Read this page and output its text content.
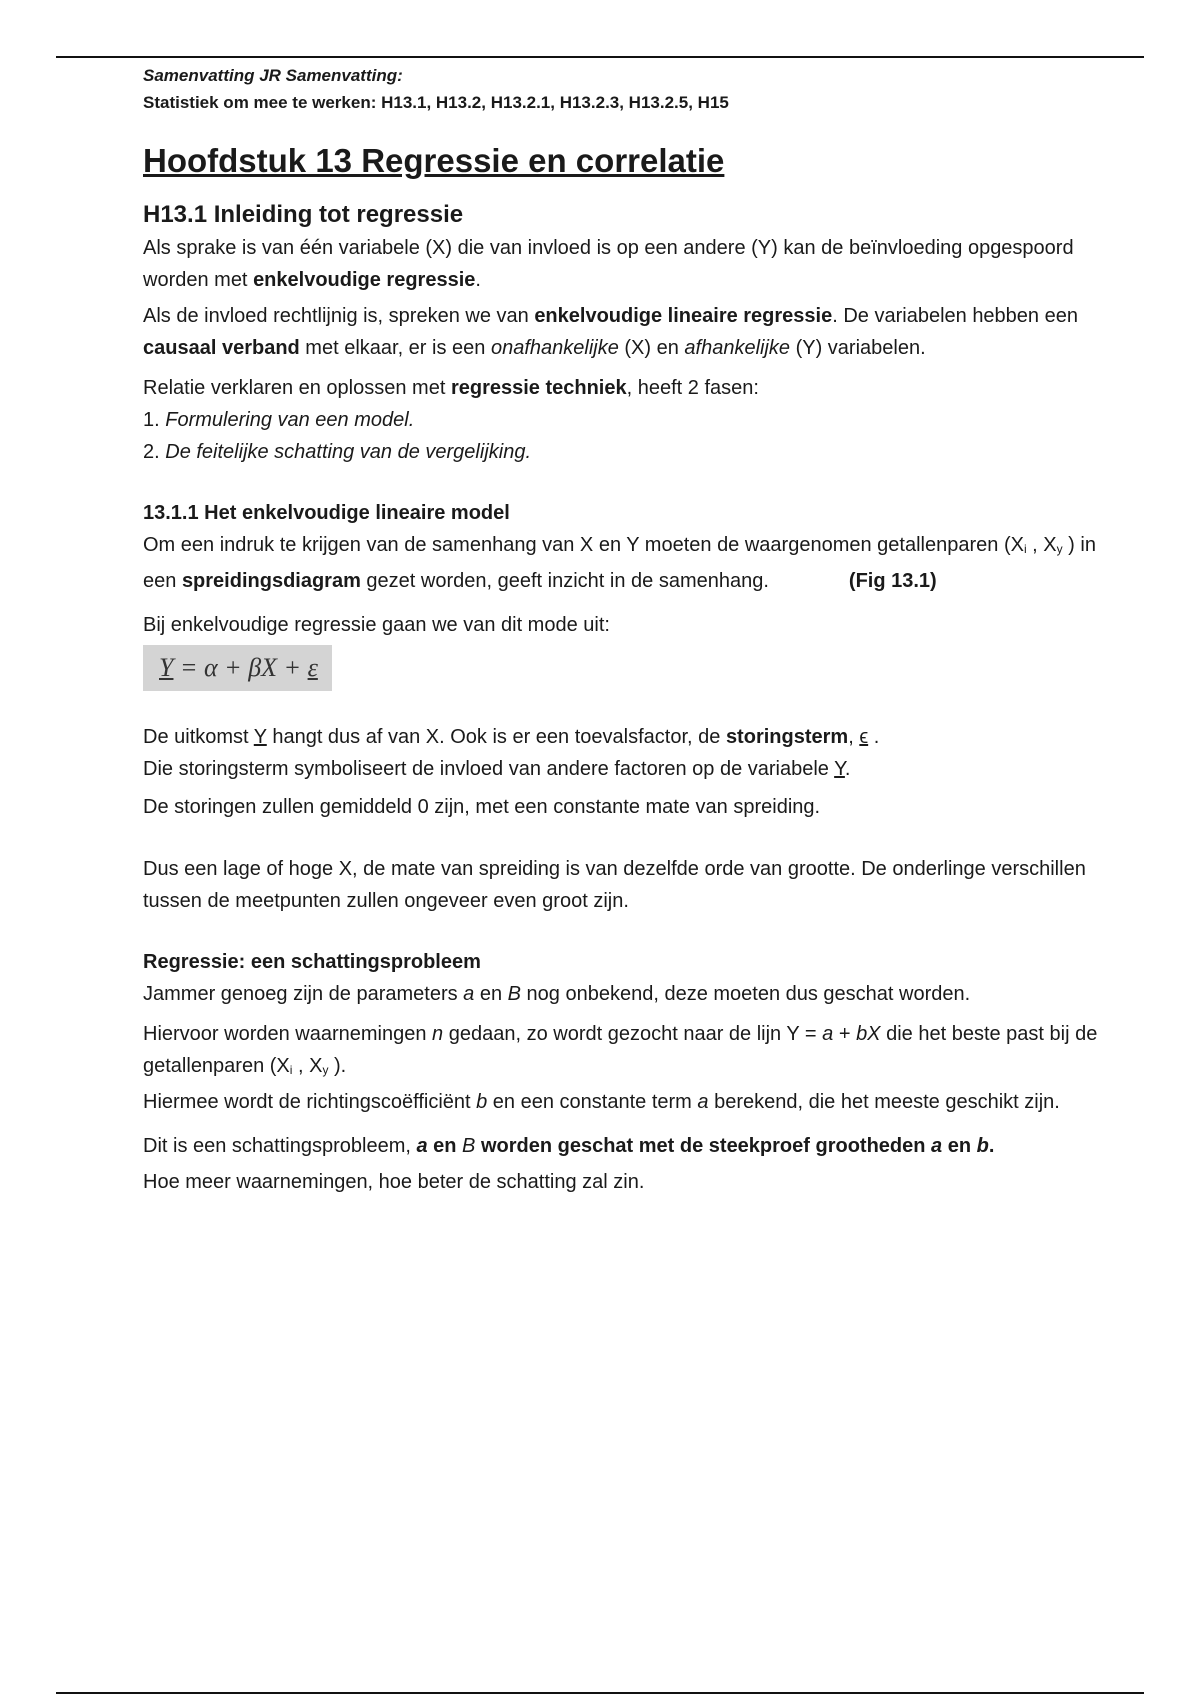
Samenvatting JR Samenvatting:
Statistiek om mee te werken: H13.1, H13.2, H13.2.1, H13.2.3, H13.2.5, H15
Hoofdstuk 13 Regressie en correlatie
H13.1 Inleiding tot regressie

Als sprake is van één variabele (X) die van invloed is op een andere (Y) kan de beïnvloeding opgespoord worden met enkelvoudige regressie.

Als de invloed rechtlijnig is, spreken we van enkelvoudige lineaire regressie. De variabelen hebben een causaal verband met elkaar, er is een onafhankelijke (X) en afhankelijke (Y) variabelen.

Relatie verklaren en oplossen met regressie techniek, heeft 2 fasen:

1. Formulering van een model.

2. De feitelijke schatting van de vergelijking.

13.1.1 Het enkelvoudige lineaire model

Om een indruk te krijgen van de samenhang van X en Y moeten de waargenomen getallenparen (Xi , Xy ) in een spreidingsdiagram gezet worden, geeft inzicht in de samenhang.	(Fig 13.1)

Bij enkelvoudige regressie gaan we van dit mode uit:

Y = α + βX + ε

De uitkomst Y hangt dus af van X. Ook is er een toevalsfactor, de storingsterm, ϵ .

Die storingsterm symboliseert de invloed van andere factoren op de variabele Y.

De storingen zullen gemiddeld 0 zijn, met een constante mate van spreiding.

Dus een lage of hoge X, de mate van spreiding is van dezelfde orde van grootte. De onderlinge verschillen tussen de meetpunten zullen ongeveer even groot zijn.

Regressie: een schattingsprobleem

Jammer genoeg zijn de parameters a en B nog onbekend, deze moeten dus geschat worden.

Hiervoor worden waarnemingen n gedaan, zo wordt gezocht naar de lijn Y = a + bX die het beste past bij de getallenparen (Xi , Xy ).

Hiermee wordt de richtingscoëfficiënt b en een constante term a berekend, die het meeste geschikt zijn.

Dit is een schattingsprobleem, a en B worden geschat met de steekproef grootheden a en b.

Hoe meer waarnemingen, hoe beter de schatting zal zin.
